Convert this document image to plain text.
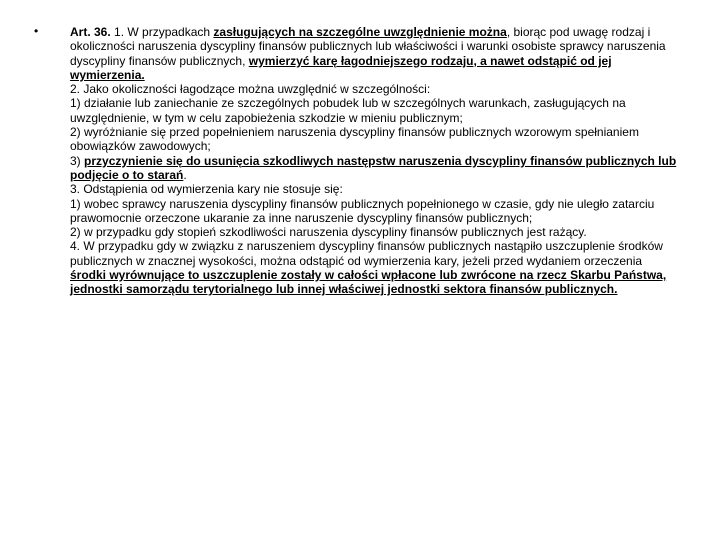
•	Art. 36. 1. W przypadkach zasługujących na szczególne uwzględnienie można, biorąc pod uwagę rodzaj i okoliczności naruszenia dyscypliny finansów publicznych lub właściwości i warunki osobiste sprawcy naruszenia dyscypliny finansów publicznych, wymierzyć karę łagodniejszego rodzaju, a nawet odstąpić od jej wymierzenia.

2. Jako okoliczności łagodzące można uwzględnić w szczególności:

1) działanie lub zaniechanie ze szczególnych pobudek lub w szczególnych warunkach, zasługujących na uwzględnienie, w tym w celu zapobieżenia szkodzie w mieniu publicznym;

2) wyróżnianie się przed popełnieniem naruszenia dyscypliny finansów publicznych wzorowym spełnianiem obowiązków zawodowych;

3) przyczynienie się do usunięcia szkodliwych następstw naruszenia dyscypliny finansów publicznych lub podjęcie o to starań.

3. Odstąpienia od wymierzenia kary nie stosuje się:

1) wobec sprawcy naruszenia dyscypliny finansów publicznych popełnionego w czasie, gdy nie uległo zatarciu prawomocnie orzeczone ukaranie za inne naruszenie dyscypliny finansów publicznych;

2) w przypadku gdy stopień szkodliwości naruszenia dyscypliny finansów publicznych jest rażący.

4. W przypadku gdy w związku z naruszeniem dyscypliny finansów publicznych nastąpiło uszczuplenie środków publicznych w znacznej wysokości, można odstąpić od wymierzenia kary, jeżeli przed wydaniem orzeczenia środki wyrównujące to uszczuplenie zostały w całości wpłacone lub zwrócone na rzecz Skarbu Państwa, jednostki samorządu terytorialnego lub innej właściwej jednostki sektora finansów publicznych.
